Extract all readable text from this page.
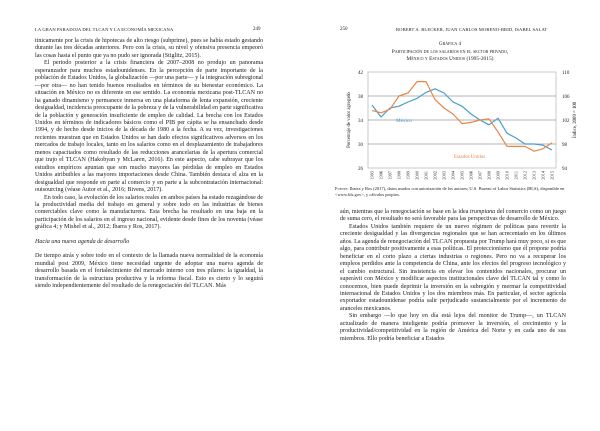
LA GRAN PARADOJA DEL TLCAN Y LA ECONOMÍA MEXICANA	249

tinicamente por la crisis de hipotecas de alto riesgo (subprime), pues se había estado gestando durante las tres décadas anteriores. Pero con la crisis, su nivel y ofensiva presencia empeoró las cosas hasta el punto que ya no pudo ser ignorada (Stiglitz, 2015).

El periodo posterior a la crisis financiera de 2007–2008 no produjo un panorama esperanzador para muchos estadounidenses. En la percepción de parte importante de la población de Estados Unidos, la globalización —por una parte— y la integración subregional —por otra— no han tenido buenos resultados en términos de su bienestar económico. La situación en México no es diferente en ese sentido. La economía mexicana post-TLCAN no ha ganado dinamismo y permanece inmersa en una plataforma de lenta expansión, creciente desigualdad, incidencia preocupante de la pobreza y de la vulnerabilidad en parte significativa de la población y generación insuficiente de empleo de calidad. La brecha con los Estados Unidos en términos de indicadores básicos como el PIB per cápita se ha ensanchado desde 1994, y de hecho desde inicios de la década de 1980 a la fecha. A su vez, investigaciones recientes muestran que en Estados Unidos se han dado efectos significativos adversos en los mercados de trabajo locales, tanto en los salarios como en el desplazamiento de trabajadores menos capacitados como resultado de las reducciones arancelarias de la apertura comercial que trajo el TLCAN (Hakobyan y McLaren, 2016). En este aspecto, cabe subrayar que los estudios empíricos apuntan que son mucho mayores las pérdidas de empleo en Estados Unidos atribuibles a las mayores importaciones desde China. También destaca el alza en la desigualdad que responde en parte al comercio y en parte a la subcontratación internacional: outsourcing (véase Autor et al., 2016; Bivens, 2017).

En todo caso, la evolución de los salarios reales en ambos países ha estado rezagándose de la productividad media del trabajo en general y sobre todo en las industrias de bienes comerciables clave como la manufacturera. Esta brecha ha resultado en una baja en la participación de los salarios en el ingreso nacional, evidente desde fines de los noventa (véase gráfica 4; y Mishel et al., 2012; Ibarra y Ros, 2017).

Hacia una nueva agenda de desarrollo

De tiempo atrás y sobre todo en el contexto de la llamada nueva normalidad de la economía mundial post 2009, México tiene necesidad urgente de adoptar una nueva agenda de desarrollo basada en el fortalecimiento del mercado interno con tres pilares: la igualdad, la transformación de la estructura productiva y la reforma fiscal. Esto es cierto y lo seguirá siendo independientemente del resultado de la renegociación del TLCAN. Más

250	ROBERT A. BLECKER, JUAN CARLOS MORENO-BRID, ISABEL SALAT
Gráfica 4
Participación de los salarios en el sector privado,
México y Estados Unidos (1995-2015)
42
38
34
30
26
110
106
102
98
94
1995 1996 1997 1998 1999 2000 2001 2002 2003 2004 2005 2006 2007 2008 2009 2010 2011 2012 2013 2014 2015
Porcentaje de valor agregado	Índice, 2009 = 100
México
Estados Unidos
Fuente: Ibarra y Ros (2017), datos usados con autorización de los autores; U.S. Bureau of Labor Statistics (BLS), disponible en <www.bls.gov>, y cálculos propios.

aún, mientras que la renegociación se base en la idea trumpiana del comercio como un juego de suma cero, el resultado no será favorable para las perspectivas de desarrollo de México.

Estados Unidos también requiere de un nuevo régimen de políticas para revertir la creciente desigualdad y las divergencias regionales que se han acrecentado en los últimos años. La agenda de renegociación del TLCAN propuesta por Trump hará muy poco, si es que algo, para contribuir positivamente a esas políticas. El proteccionismo que él propone podría beneficiar en el corto plazo a ciertas industrias o regiones. Pero no va a recuperar los empleos perdidos ante la competencia de China, ante los efectos del progreso tecnológico y el cambio estructural. Sin insistencia en elevar los contenidos nacionales, procurar un superávit con México y modificar aspectos institucionales clave del TLCAN tal y como lo conocemos, bien puede deprimir la inversión en la subregión y mermar la competitividad internacional de Estados Unidos y los dos miembros más. En particular, el sector agrícola exportador estadounidense podría salir perjudicado sustancialmente por el incremento de aranceles mexicanos.

Sin embargo —lo que hoy en día está lejos del monitor de Trump—, un TLCAN actualizado de manera inteligente podría promover la inversión, el crecimiento y la productividad/competitividad en la región de América del Norte y en cada uno de sus miembros. Ello podría beneficiar a Estados
